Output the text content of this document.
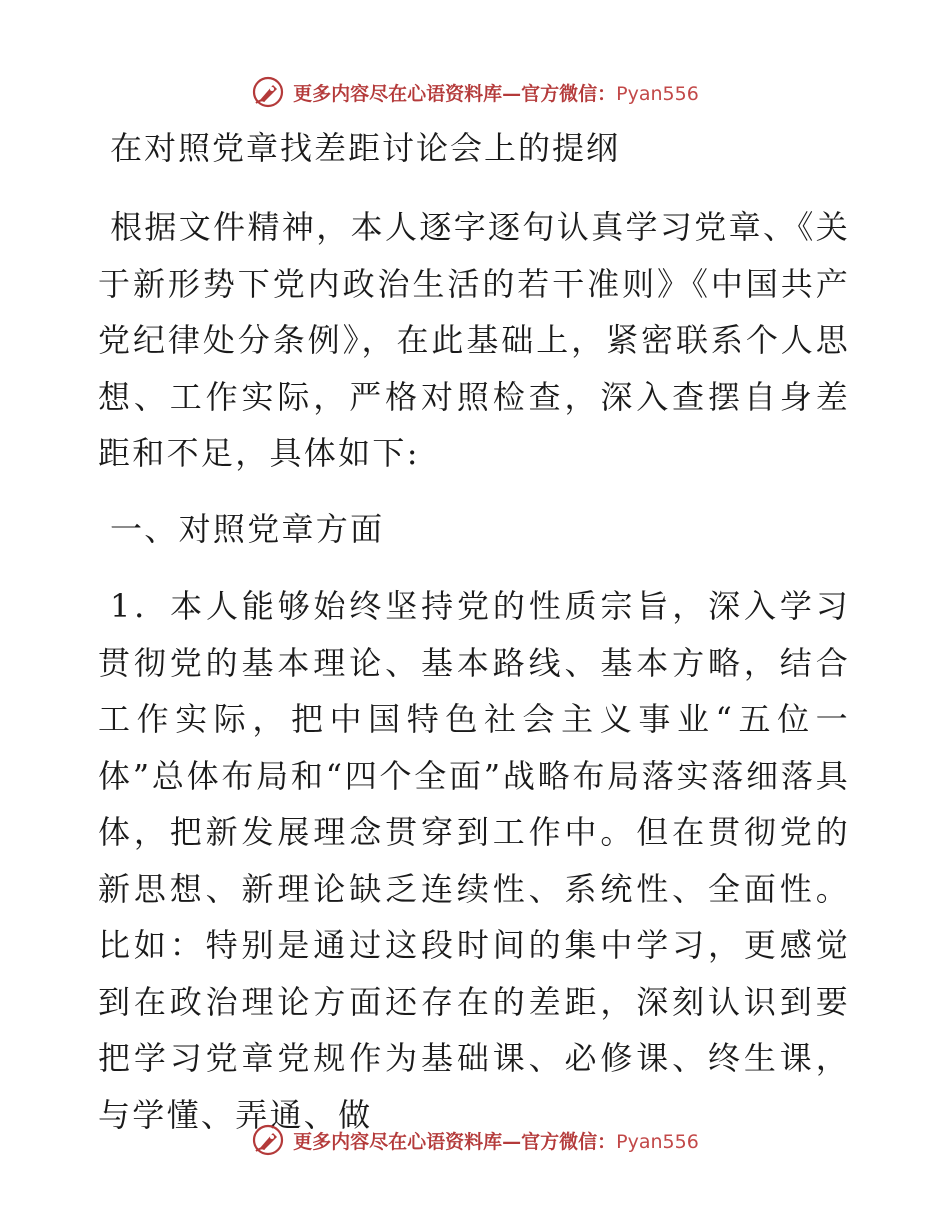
更多内容尽在心语资料库—官方微信：Pyan556
在对照党章找差距讨论会上的提纲
根据文件精神，本人逐字逐句认真学习党章、《关于新形势下党内政治生活的若干准则》《中国共产党纪律处分条例》，在此基础上，紧密联系个人思想、工作实际，严格对照检查，深入查摆自身差距和不足，具体如下:
一、对照党章方面
1．本人能够始终坚持党的性质宗旨，深入学习贯彻党的基本理论、基本路线、基本方略，结合工作实际，把中国特色社会主义事业“五位一体”总体布局和“四个全面”战略布局落实落细落具体，把新发展理念贯穿到工作中。但在贯彻党的新思想、新理论缺乏连续性、系统性、全面性。比如：特别是通过这段时间的集中学习，更感觉到在政治理论方面还存在的差距，深刻认识到要把学习党章党规作为基础课、必修课、终生课，与学懂、弄通、做
更多内容尽在心语资料库—官方微信：Pyan556
